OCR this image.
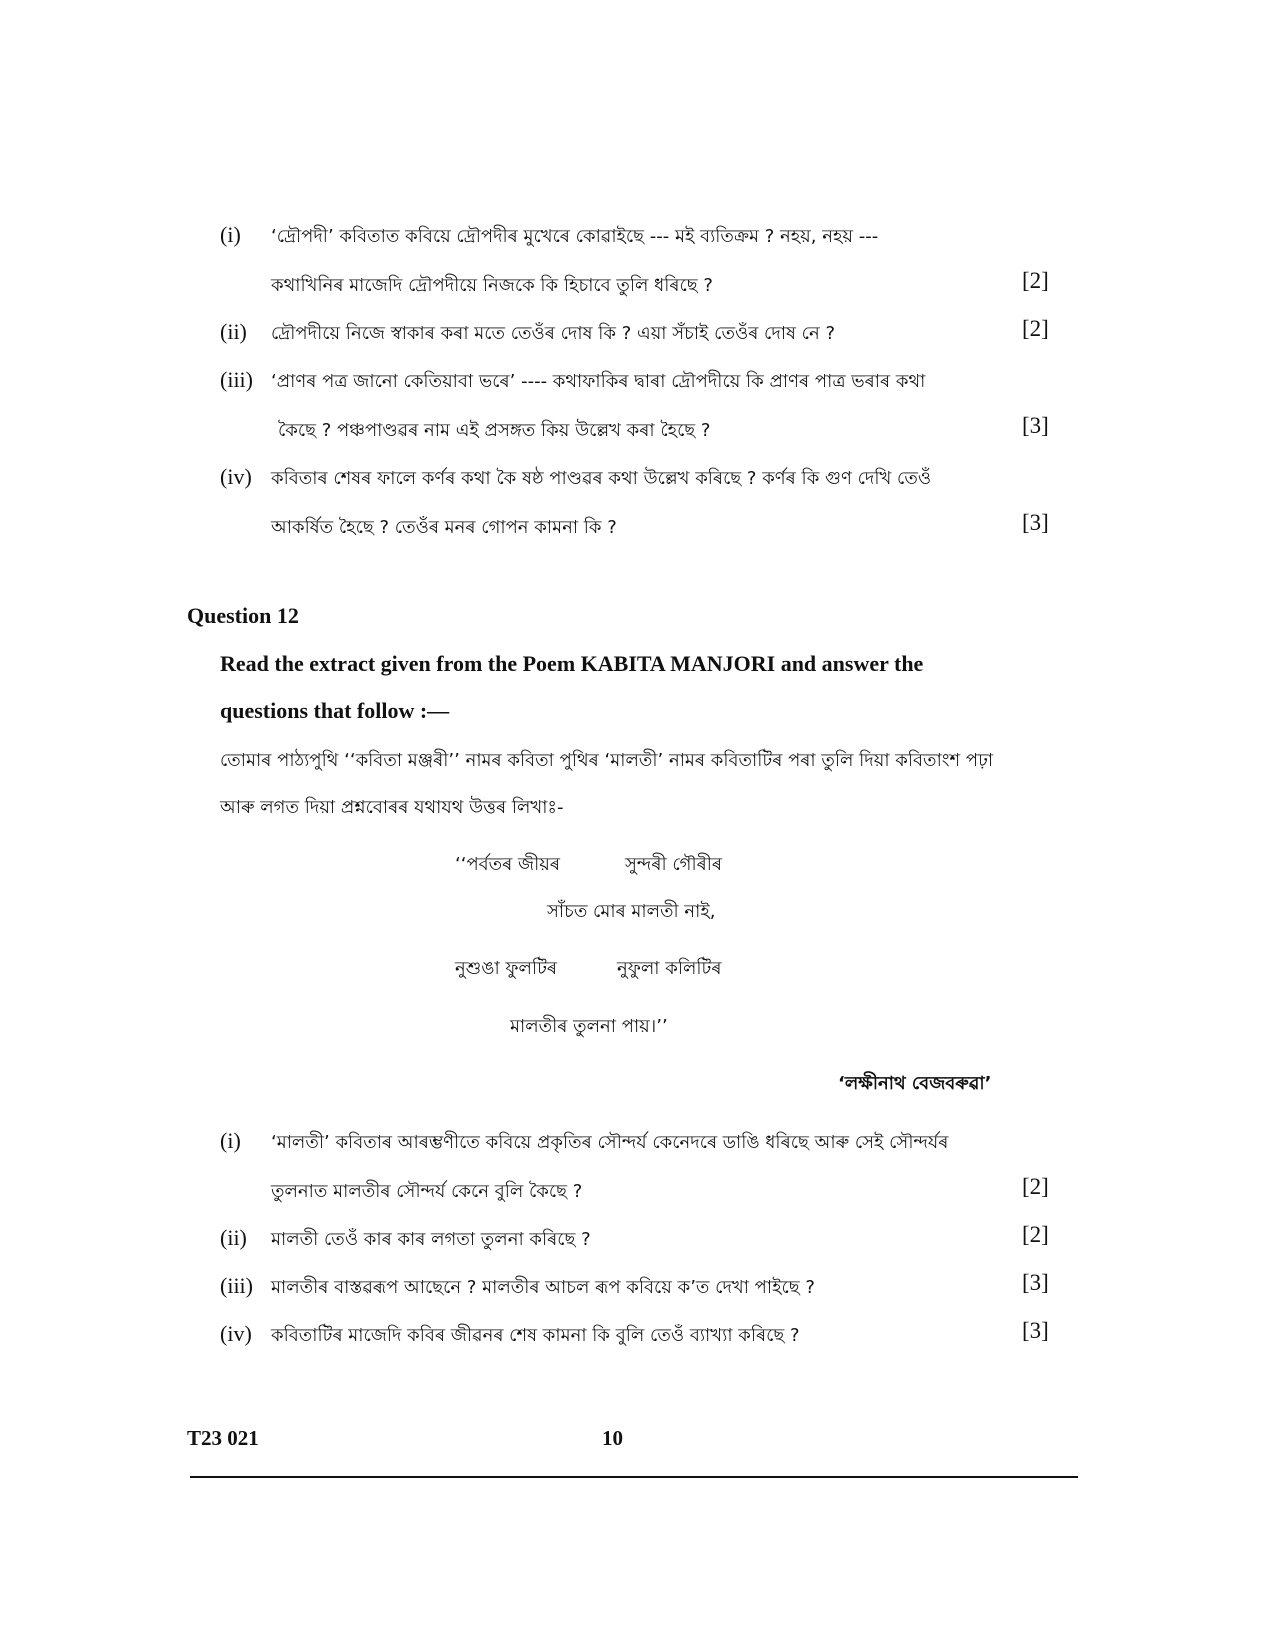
(i) ‘দ্ৰৌপদী’ কবিতাত কবিয়ে দ্ৰৌপদীৰ মুখেৰে কোৱাইছে --- মই ব্যতিক্ৰম ? নহয়, নহয় ---
কথাখিনিৰ মাজেদি দ্ৰৌপদীয়ে নিজকে কি হিচাবে তুলি ধৰিছে ?	[2]
(ii) দ্ৰৌপদীয়ে নিজে স্বাকাৰ কৰা মতে তেওঁৰ দোষ কি ? এয়া সঁচাই তেওঁৰ দোষ নে ?	[2]
(iii) ‘প্ৰাণৰ পত্ৰ জানো কেতিয়াবা ভৰে’ ---- কথাফাকিৰ দ্বাৰা দ্ৰৌপদীয়ে কি প্ৰাণৰ পাত্ৰ ভৰাৰ কথা
কৈছে ? পঞ্চপাণ্ডৱৰ নাম এই প্ৰসঙ্গত কিয় উল্লেখ কৰা হৈছে ?	[3]
(iv) কবিতাৰ শেষৰ ফালে কৰ্ণৰ কথা কৈ ষষ্ঠ পাণ্ডৱৰ কথা উল্লেখ কৰিছে ? কৰ্ণৰ কি গুণ দেখি তেওঁ
আকৰ্ষিত হৈছে ? তেওঁৰ মনৰ গোপন কামনা কি ?	[3]
Question 12
Read the extract given from the Poem KABITA MANJORI and answer the
questions that follow :—
তোমাৰ পাঠ্যপুথি ‘‘কবিতা মঞ্জৰী’’ নামৰ কবিতা পুথিৰ ‘মালতী’ নামৰ কবিতাটিৰ পৰা তুলি দিয়া কবিতাংশ পঢ়া
আৰু লগত দিয়া প্ৰশ্নবোৰৰ যথাযথ উত্তৰ লিখাঃ-
‘‘পৰ্বতৰ জীয়ৰ	সুন্দৰী গৌৰীৰ
সাঁচত মোৰ মালতী নাই,
নুশুঙা ফুলটিৰ	নুফুলা কলিটিৰ
মালতীৰ তুলনা পায়।’’
‘লক্ষীনাথ বেজবৰুৱা’
(i) ‘মালতী’ কবিতাৰ আৰম্ভণীতে কবিয়ে প্ৰকৃতিৰ সৌন্দৰ্য কেনেদৰে ডাঙি ধৰিছে আৰু সেই সৌন্দৰ্যৰ
তুলনাত মালতীৰ সৌন্দৰ্য কেনে বুলি কৈছে ?	[2]
(ii) মালতী তেওঁ কাৰ কাৰ লগতা তুলনা কৰিছে ?	[2]
(iii) মালতীৰ বাস্তৱৰূপ আছেনে ? মালতীৰ আচল ৰূপ কবিয়ে ক’ত দেখা পাইছে ?	[3]
(iv) কবিতাটিৰ মাজেদি কবিৰ জীৱনৰ শেষ কামনা কি বুলি তেওঁ ব্যাখ্যা কৰিছে ?	[3]
T23 021	10
